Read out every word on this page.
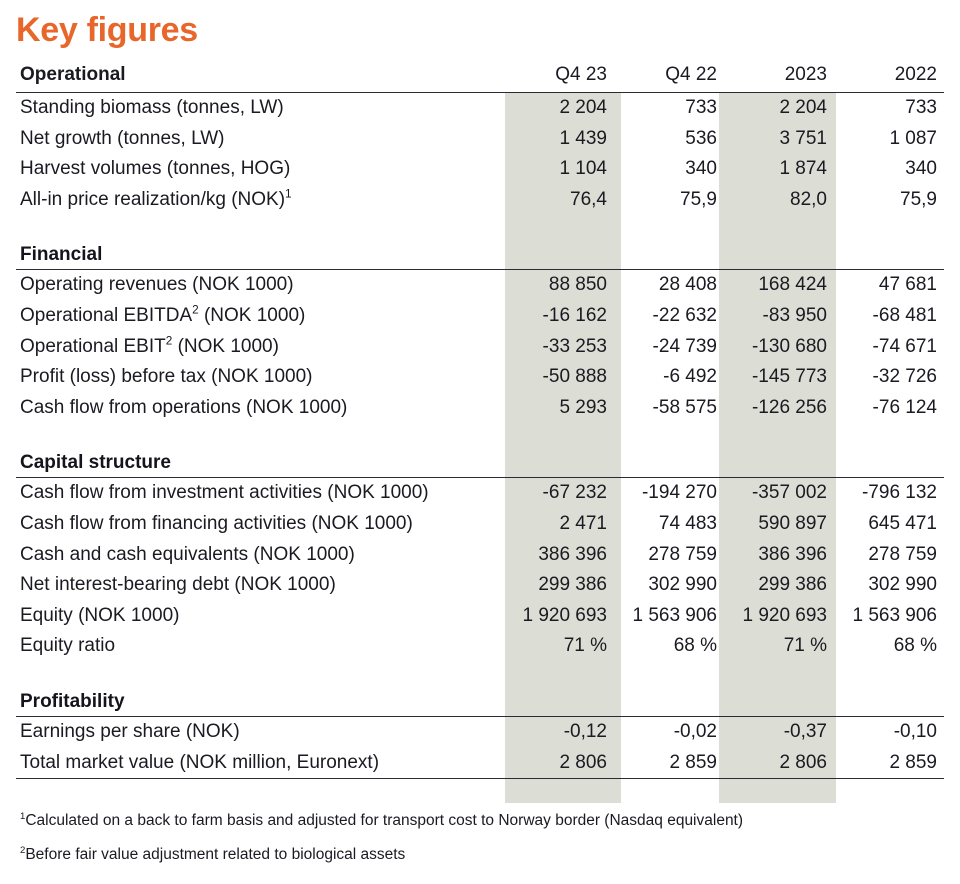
Key figures
Operational	Q4 23	Q4 22	2023	2022
Standing biomass (tonnes, LW)	2 204	733	2 204	733
Net growth (tonnes, LW)	1 439	536	3 751	1 087
Harvest volumes (tonnes, HOG)	1 104	340	1 874	340
All-in price realization/kg (NOK)$^1$	76,4	75,9	82,0	75,9

Financial				
Operating revenues (NOK 1000)	88 850	28 408	168 424	47 681
Operational EBITDA$^2$ (NOK 1000)	-16 162	-22 632	-83 950	-68 481
Operational EBIT$^2$ (NOK 1000)	-33 253	-24 739	-130 680	-74 671
Profit (loss) before tax (NOK 1000)	-50 888	-6 492	-145 773	-32 726
Cash flow from operations (NOK 1000)	5 293	-58 575	-126 256	-76 124

Capital structure				
Cash flow from investment activities (NOK 1000)	-67 232	-194 270	-357 002	-796 132
Cash flow from financing activities (NOK 1000)	2 471	74 483	590 897	645 471
Cash and cash equivalents (NOK 1000)	386 396	278 759	386 396	278 759
Net interest-bearing debt (NOK 1000)	299 386	302 990	299 386	302 990
Equity (NOK 1000)	1 920 693	1 563 906	1 920 693	1 563 906
Equity ratio	71 %	68 %	71 %	68 %

Profitability				
Earnings per share (NOK)	-0,12	-0,02	-0,37	-0,10
Total market value (NOK million, Euronext)	2 806	2 859	2 806	2 859
$^1$Calculated on a back to farm basis and adjusted for transport cost to Norway border (Nasdaq equivalent)
$^2$Before fair value adjustment related to biological assets
